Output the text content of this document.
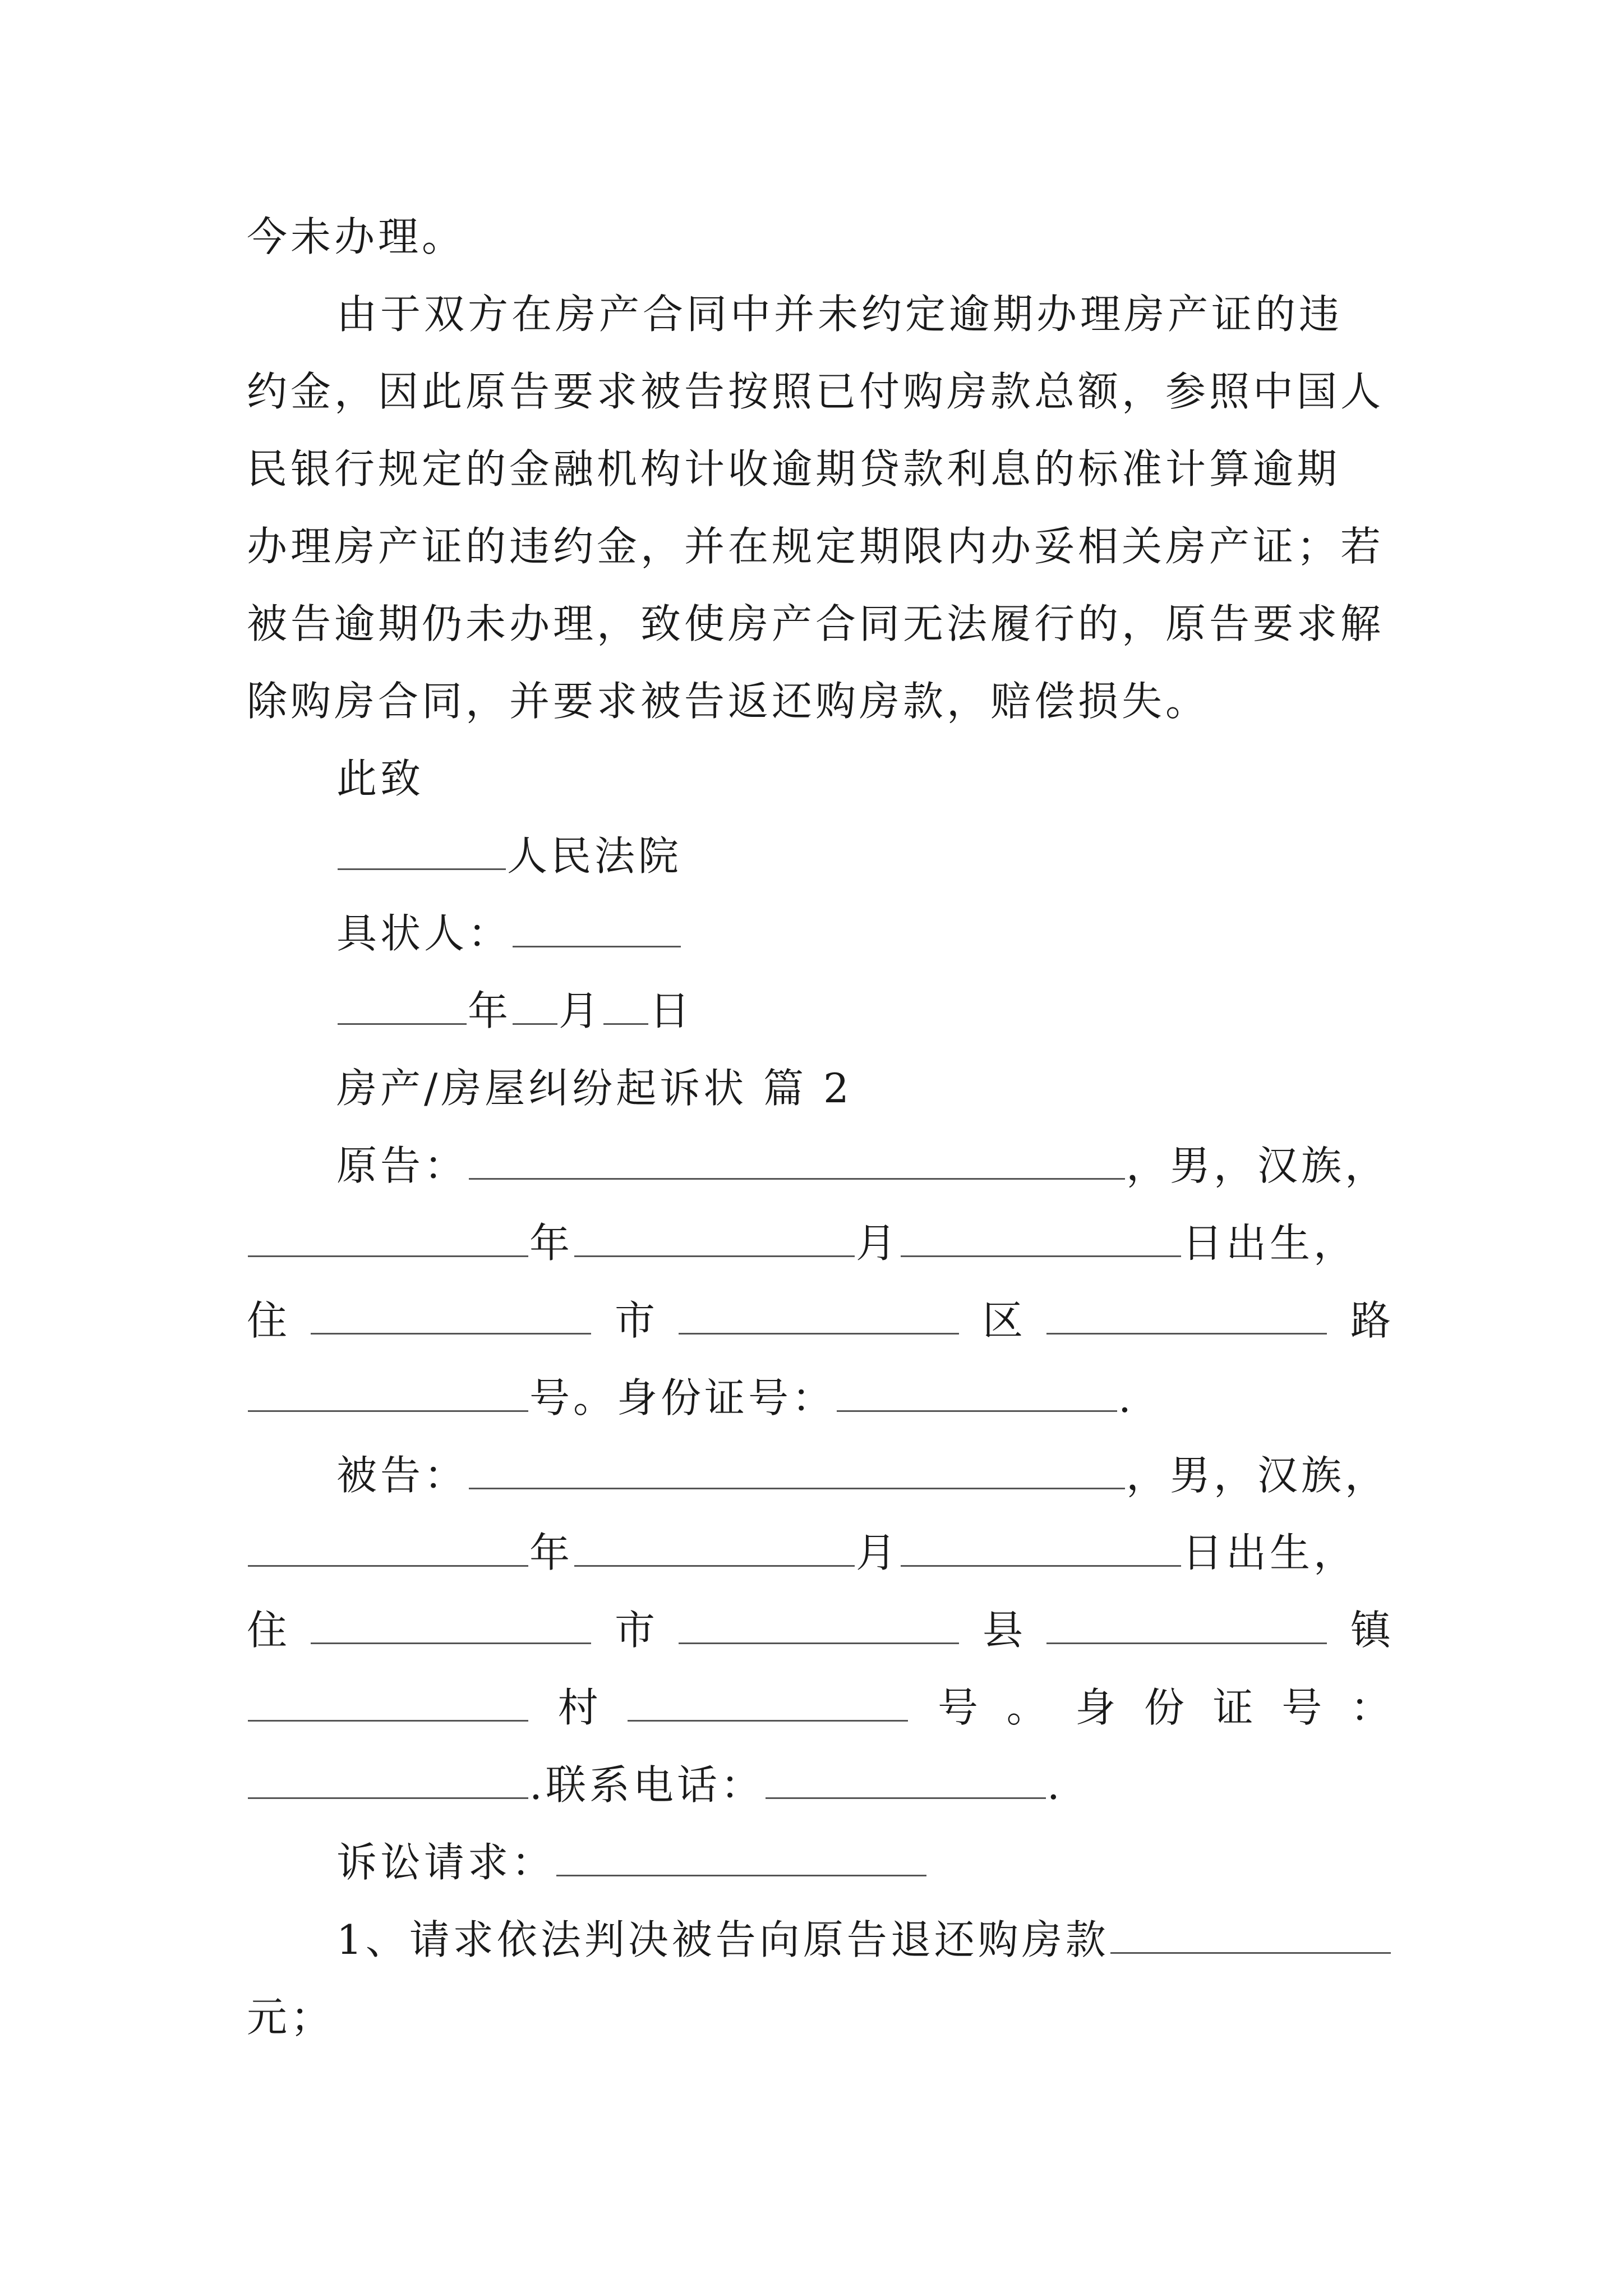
今未办理。
由于双方在房产合同中并未约定逾期办理房产证的违
约金，因此原告要求被告按照已付购房款总额，参照中国人
民银行规定的金融机构计收逾期贷款利息的标准计算逾期
办理房产证的违约金，并在规定期限内办妥相关房产证；若
被告逾期仍未办理，致使房产合同无法履行的，原告要求解
除购房合同，并要求被告返还购房款，赔偿损失。
此致
人民法院
具状人：
年 月 日
房产/房屋纠纷起诉状 篇 2
原告：	，男，汉族，
年	月	日出生，
住	市	区	路
号。身份证号：	.
被告：	，男，汉族，
年	月	日出生，
住	市	县	镇
村	号 。 身 份 证 号 ：
.联系电话：	.
诉讼请求：
1、请求依法判决被告向原告退还购房款
元；
